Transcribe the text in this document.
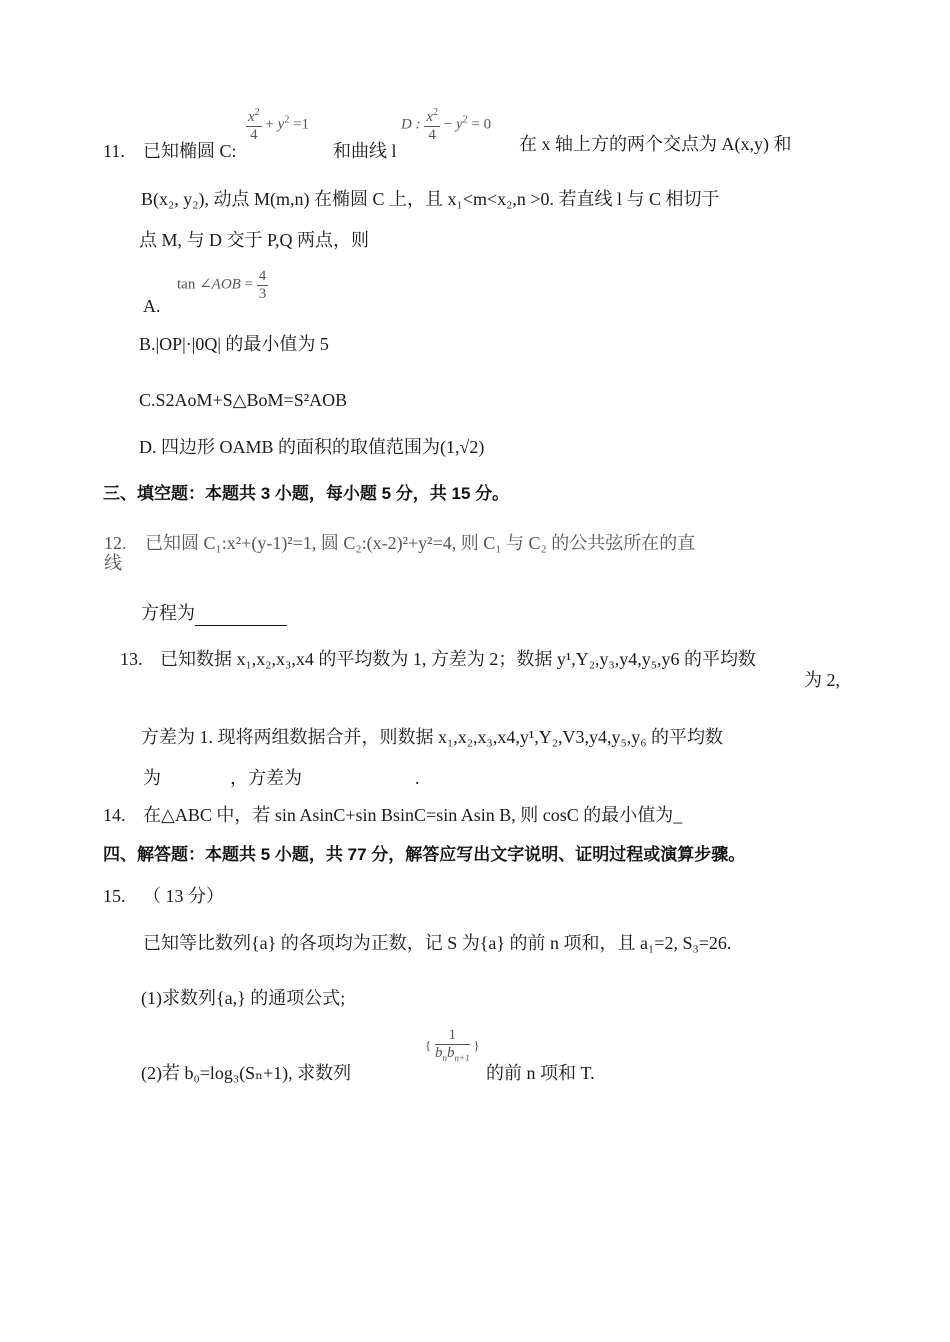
11. 已知椭圆 C:
$\frac{x^2}{4} + y^2 =1$
和曲线 l
D : $\frac{x^2}{4} - y^2 = 0$
在 x 轴上方的两个交点为 A(x,y) 和
B(x₂, y₂), 动点 M(m,n) 在椭圆 C 上，且 x₁<m<x₂,n >0. 若直线 l 与 C 相切于
点 M, 与 D 交于 P,Q 两点，则
A.
tan ∠AOB = $\frac{4}{3}$
B.|OP|·|0Q| 的最小值为 5
C.S2AoM+S△BoM=S²AOB
D. 四边形 OAMB 的面积的取值范围为(1,√2)
三、填空题：本题共 3 小题，每小题 5 分，共 15 分。
12. 已知圆 C₁:x²+(y-1)²=1, 圆 C₂:(x-2)²+y²=4, 则 C₁ 与 C₂ 的公共弦所在的直
线
方程为
13. 已知数据 x₁,x₂,x₃,x4 的平均数为 1, 方差为 2；数据 y¹,Y₂,y₃,y4,y₅,y6 的平均数
为 2,
方差为 1. 现将两组数据合并，则数据 x₁,x₂,x₃,x4,y¹,Y₂,V3,y4,y₅,y₆ 的平均数
为	，方差为	.
14. 在△ABC 中，若 sin AsinC+sin BsinC=sin Asin B, 则 cosC 的最小值为_
四、解答题：本题共 5 小题，共 77 分，解答应写出文字说明、证明过程或演算步骤。
15. （ 13 分）
已知等比数列{a} 的各项均为正数，记 S 为{a} 的前 n 项和，且 a₁=2, S₃=26.
(1)求数列{a,} 的通项公式;
(2)若 b₀=log₃(Sₙ+1), 求数列
{ $\frac{1}{b_nb_{n+1}}$ }
的前 n 项和 T.
